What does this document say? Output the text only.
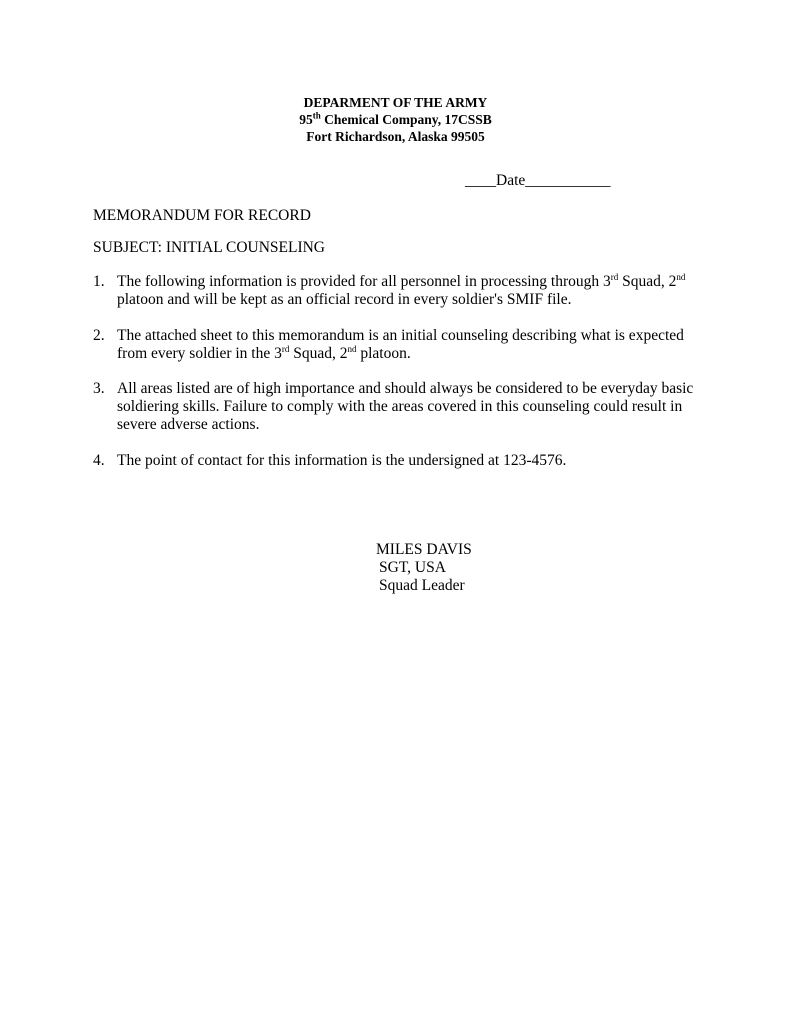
DEPARMENT OF THE ARMY
95th Chemical Company, 17CSSB
Fort Richardson, Alaska 99505
____Date___________
MEMORANDUM FOR RECORD
SUBJECT: INITIAL COUNSELING
1. The following information is provided for all personnel in processing through 3rd Squad, 2nd platoon and will be kept as an official record in every soldier's SMIF file.
2. The attached sheet to this memorandum is an initial counseling describing what is expected from every soldier in the 3rd Squad, 2nd platoon.
3. All areas listed are of high importance and should always be considered to be everyday basic soldiering skills. Failure to comply with the areas covered in this counseling could result in severe adverse actions.
4. The point of contact for this information is the undersigned at 123-4576.
MILES DAVIS
SGT, USA
Squad Leader
